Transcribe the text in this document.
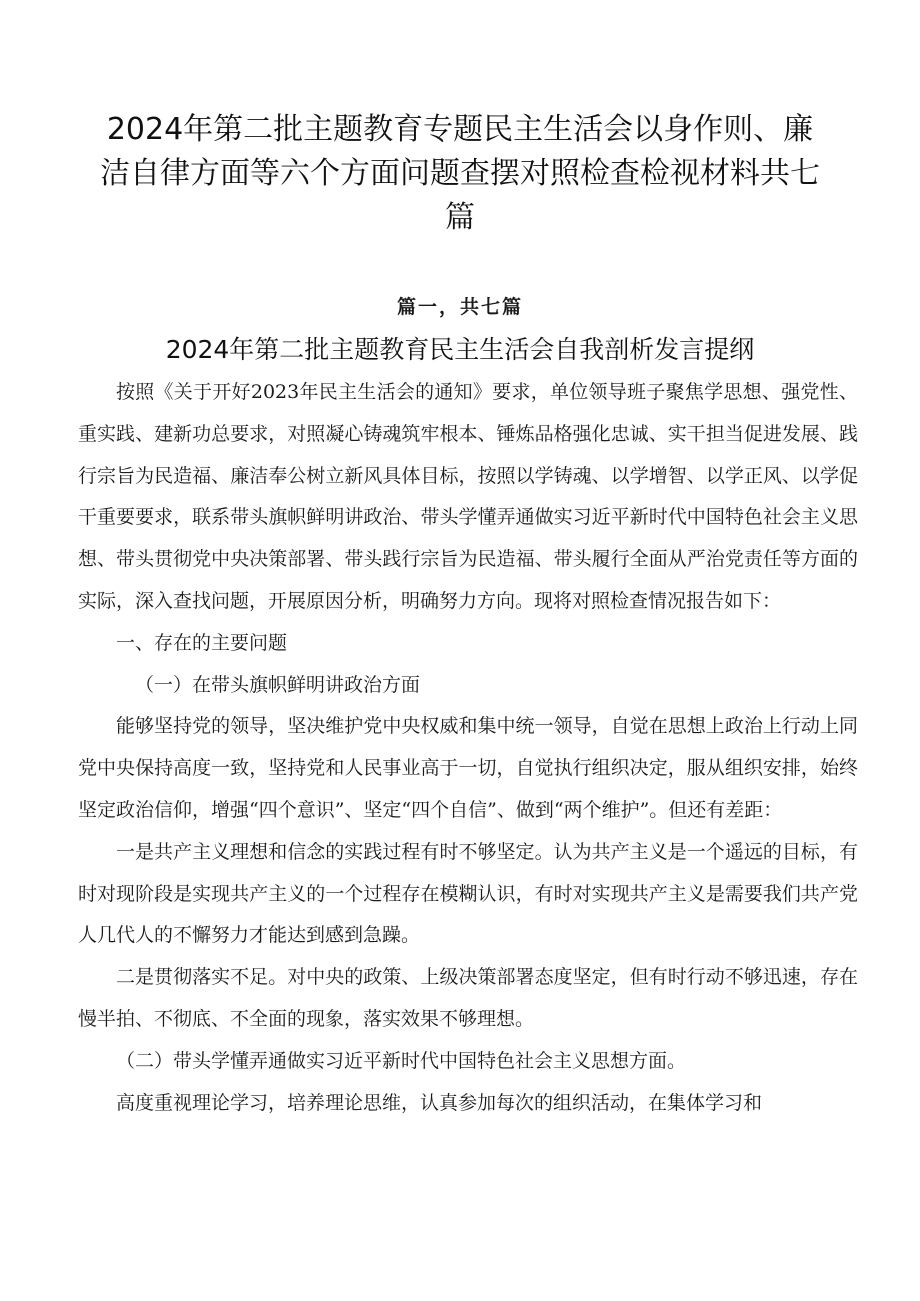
2024年第二批主题教育专题民主生活会以身作则、廉洁自律方面等六个方面问题查摆对照检查检视材料共七篇
篇一，共七篇
2024年第二批主题教育民主生活会自我剖析发言提纲

按照《关于开好2023年民主生活会的通知》要求，单位领导班子聚焦学思想、强党性、重实践、建新功总要求，对照凝心铸魂筑牢根本、锤炼品格强化忠诚、实干担当促进发展、践行宗旨为民造福、廉洁奉公树立新风具体目标，按照以学铸魂、以学增智、以学正风、以学促干重要要求，联系带头旗帜鲜明讲政治、带头学懂弄通做实习近平新时代中国特色社会主义思想、带头贯彻党中央决策部署、带头践行宗旨为民造福、带头履行全面从严治党责任等方面的实际，深入查找问题，开展原因分析，明确努力方向。现将对照检查情况报告如下：

一、存在的主要问题

（一）在带头旗帜鲜明讲政治方面

能够坚持党的领导，坚决维护党中央权威和集中统一领导，自觉在思想上政治上行动上同党中央保持高度一致，坚持党和人民事业高于一切，自觉执行组织决定，服从组织安排，始终坚定政治信仰，增强“四个意识”、坚定“四个自信”、做到“两个维护”。但还有差距：

一是共产主义理想和信念的实践过程有时不够坚定。认为共产主义是一个遥远的目标，有时对现阶段是实现共产主义的一个过程存在模糊认识，有时对实现共产主义是需要我们共产党人几代人的不懈努力才能达到感到急躁。

二是贯彻落实不足。对中央的政策、上级决策部署态度坚定，但有时行动不够迅速，存在慢半拍、不彻底、不全面的现象，落实效果不够理想。

（二）带头学懂弄通做实习近平新时代中国特色社会主义思想方面。

高度重视理论学习，培养理论思维，认真参加每次的组织活动，在集体学习和
